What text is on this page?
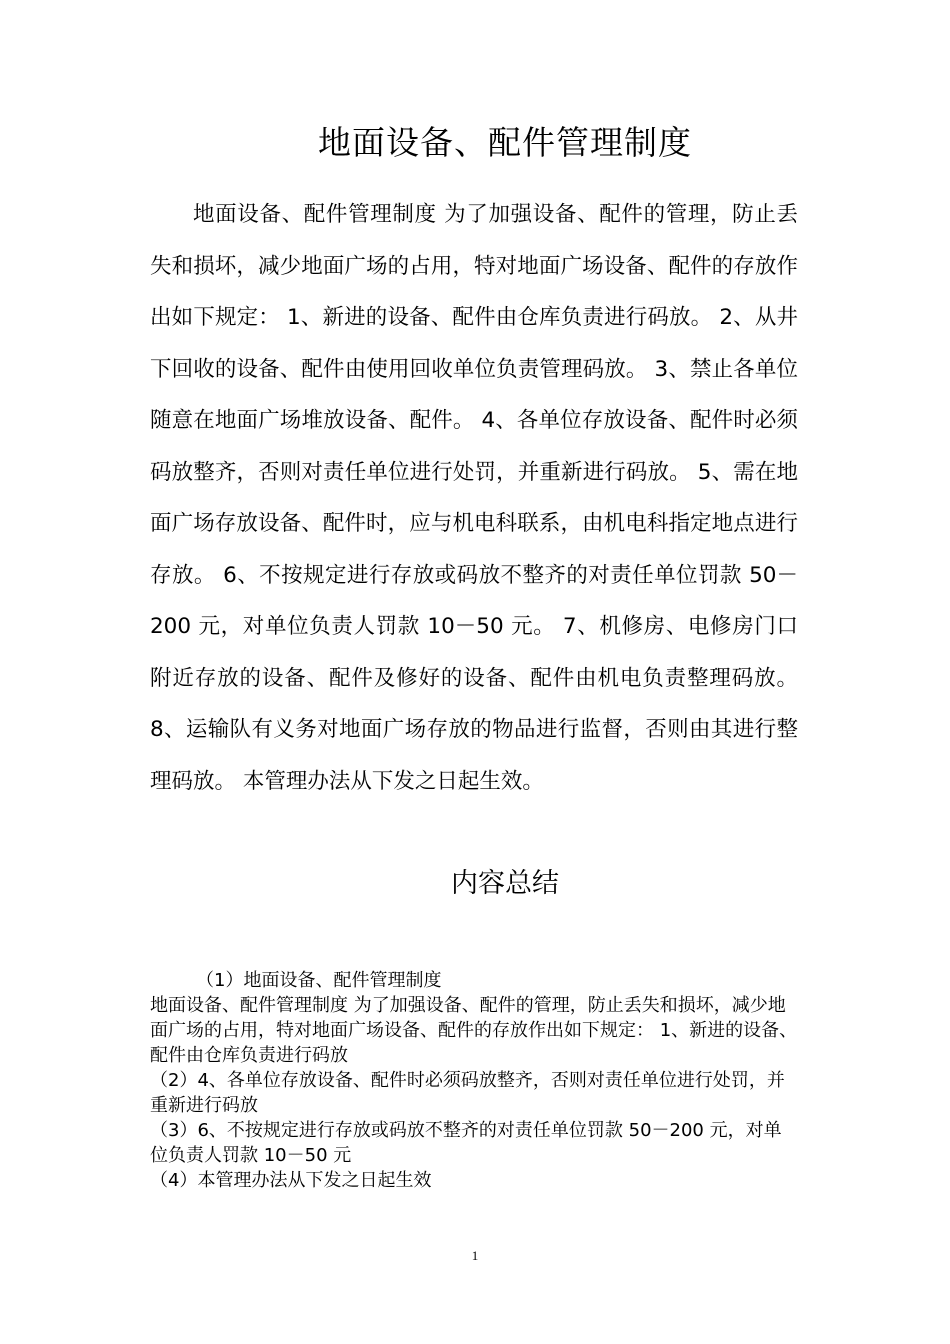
地面设备、配件管理制度

地面设备、配件管理制度 为了加强设备、配件的管理，防止丢失和损坏，减少地面广场的占用，特对地面广场设备、配件的存放作出如下规定： 1、新进的设备、配件由仓库负责进行码放。 2、从井下回收的设备、配件由使用回收单位负责管理码放。 3、禁止各单位随意在地面广场堆放设备、配件。 4、各单位存放设备、配件时必须码放整齐，否则对责任单位进行处罚，并重新进行码放。 5、需在地面广场存放设备、配件时，应与机电科联系，由机电科指定地点进行存放。 6、不按规定进行存放或码放不整齐的对责任单位罚款 50－200 元，对单位负责人罚款 10－50 元。 7、机修房、电修房门口附近存放的设备、配件及修好的设备、配件由机电负责整理码放。 8、运输队有义务对地面广场存放的物品进行监督，否则由其进行整理码放。 本管理办法从下发之日起生效。

内容总结
（1）地面设备、配件管理制度
地面设备、配件管理制度 为了加强设备、配件的管理，防止丢失和损坏，减少地面广场的占用，特对地面广场设备、配件的存放作出如下规定： 1、新进的设备、配件由仓库负责进行码放
（2）4、各单位存放设备、配件时必须码放整齐，否则对责任单位进行处罚，并重新进行码放
（3）6、不按规定进行存放或码放不整齐的对责任单位罚款 50－200 元，对单位负责人罚款 10－50 元
（4）本管理办法从下发之日起生效
1
